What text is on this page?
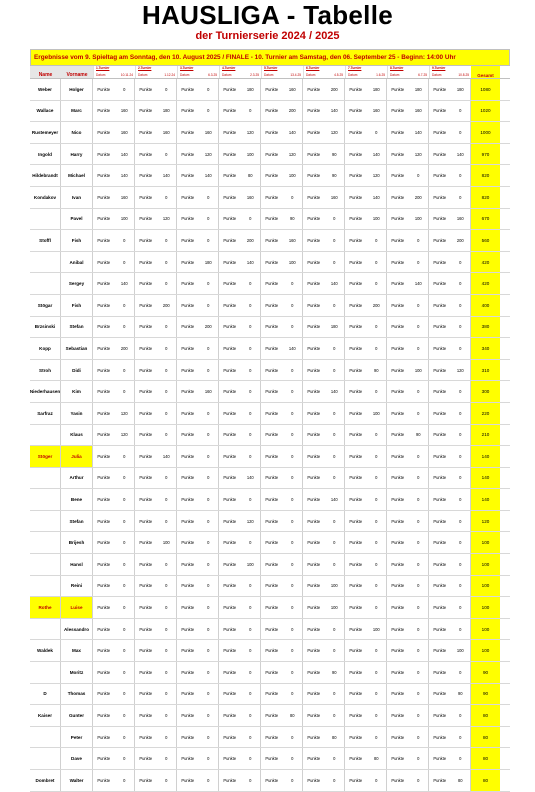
HAUSLIGA - Tabelle
der Turnierserie 2024 / 2025
Ergebnisse vom 9. Spieltag am Sonntag, den 10. August 2025 / FINALE - 10. Turnier am Samstag, den 06. September 25 - Beginn: 14:00 Uhr
Name	Vorname
1.Turnier
Datum	10.11.24
2.Turnier
Datum	1.12.24
3.Turnier
Datum	6.3.25
4.Turnier
Datum	2.3.25
5.Turnier
Datum	13.4.25
6.Turnier
Datum	4.5.25
7.Turnier
Datum	1.6.25
8.Turnier
Datum	6.7.25
9.Turnier
Datum	10.8.25	Gesamt
Weber	Holger	Punkte	0	Punkte	0	Punkte	0	Punkte	180	Punkte	160	Punkte	200	Punkte	180	Punkte	180	Punkte	180	1080
Wallace	Marc	Punkte	160	Punkte	180	Punkte	0	Punkte	0	Punkte	200	Punkte	140	Punkte	160	Punkte	160	Punkte	0	1020
Rustemeyer	Nico	Punkte	160	Punkte	160	Punkte	160	Punkte	120	Punkte	140	Punkte	120	Punkte	0	Punkte	140	Punkte	0	1000
Ingold	Harry	Punkte	140	Punkte	0	Punkte	120	Punkte	100	Punkte	120	Punkte	90	Punkte	140	Punkte	120	Punkte	140	970
Hildebrandt	Michael	Punkte	140	Punkte	140	Punkte	140	Punkte	80	Punkte	100	Punkte	90	Punkte	120	Punkte	0	Punkte	0	820
Kondakov	Ivan	Punkte	160	Punkte	0	Punkte	0	Punkte	160	Punkte	0	Punkte	160	Punkte	140	Punkte	200	Punkte	0	820
Pavel	Punkte	100	Punkte	120	Punkte	0	Punkte	0	Punkte	90	Punkte	0	Punkte	100	Punkte	100	Punkte	160	670
Stoffl	Fish	Punkte	0	Punkte	0	Punkte	0	Punkte	200	Punkte	160	Punkte	0	Punkte	0	Punkte	0	Punkte	200	560
Anibal	Punkte	0	Punkte	0	Punkte	180	Punkte	140	Punkte	100	Punkte	0	Punkte	0	Punkte	0	Punkte	0	420
Sergey	Punkte	140	Punkte	0	Punkte	0	Punkte	0	Punkte	0	Punkte	140	Punkte	0	Punkte	140	Punkte	0	420
Stögar	Fish	Punkte	0	Punkte	200	Punkte	0	Punkte	0	Punkte	0	Punkte	0	Punkte	200	Punkte	0	Punkte	0	400
Brzsinski	Stefan	Punkte	0	Punkte	0	Punkte	200	Punkte	0	Punkte	0	Punkte	180	Punkte	0	Punkte	0	Punkte	0	380
Kopp	Sebastian	Punkte	200	Punkte	0	Punkte	0	Punkte	0	Punkte	140	Punkte	0	Punkte	0	Punkte	0	Punkte	0	340
Stroh	Didi	Punkte	0	Punkte	0	Punkte	0	Punkte	0	Punkte	0	Punkte	0	Punkte	90	Punkte	100	Punkte	120	310
Niederhausen	Kim	Punkte	0	Punkte	0	Punkte	160	Punkte	0	Punkte	0	Punkte	140	Punkte	0	Punkte	0	Punkte	0	300
Sarfraz	Yasin	Punkte	120	Punkte	0	Punkte	0	Punkte	0	Punkte	0	Punkte	0	Punkte	100	Punkte	0	Punkte	0	220
Klaus	Punkte	120	Punkte	0	Punkte	0	Punkte	0	Punkte	0	Punkte	0	Punkte	0	Punkte	90	Punkte	0	210
Stöger	Julia	Punkte	0	Punkte	140	Punkte	0	Punkte	0	Punkte	0	Punkte	0	Punkte	0	Punkte	0	Punkte	0	140
Arthur	Punkte	0	Punkte	0	Punkte	0	Punkte	140	Punkte	0	Punkte	0	Punkte	0	Punkte	0	Punkte	0	140
Bene	Punkte	0	Punkte	0	Punkte	0	Punkte	0	Punkte	0	Punkte	140	Punkte	0	Punkte	0	Punkte	0	140
Stefan	Punkte	0	Punkte	0	Punkte	0	Punkte	120	Punkte	0	Punkte	0	Punkte	0	Punkte	0	Punkte	0	120
Brijesh	Punkte	0	Punkte	100	Punkte	0	Punkte	0	Punkte	0	Punkte	0	Punkte	0	Punkte	0	Punkte	0	100
Hansl	Punkte	0	Punkte	0	Punkte	0	Punkte	100	Punkte	0	Punkte	0	Punkte	0	Punkte	0	Punkte	0	100
Reini	Punkte	0	Punkte	0	Punkte	0	Punkte	0	Punkte	0	Punkte	100	Punkte	0	Punkte	0	Punkte	0	100
Rothe	Luise	Punkte	0	Punkte	0	Punkte	0	Punkte	0	Punkte	0	Punkte	100	Punkte	0	Punkte	0	Punkte	0	100
Alessandro	Punkte	0	Punkte	0	Punkte	0	Punkte	0	Punkte	0	Punkte	0	Punkte	100	Punkte	0	Punkte	0	100
Waldek	Max	Punkte	0	Punkte	0	Punkte	0	Punkte	0	Punkte	0	Punkte	0	Punkte	0	Punkte	0	Punkte	100	100
Moritz	Punkte	0	Punkte	0	Punkte	0	Punkte	0	Punkte	0	Punkte	90	Punkte	0	Punkte	0	Punkte	0	90
D	Thomas	Punkte	0	Punkte	0	Punkte	0	Punkte	0	Punkte	0	Punkte	0	Punkte	0	Punkte	0	Punkte	90	90
Kaiser	Gunter	Punkte	0	Punkte	0	Punkte	0	Punkte	0	Punkte	80	Punkte	0	Punkte	0	Punkte	0	Punkte	0	80
Peter	Punkte	0	Punkte	0	Punkte	0	Punkte	0	Punkte	0	Punkte	80	Punkte	0	Punkte	0	Punkte	0	80
Dave	Punkte	0	Punkte	0	Punkte	0	Punkte	0	Punkte	0	Punkte	0	Punkte	80	Punkte	0	Punkte	0	80
Dombret	Walter	Punkte	0	Punkte	0	Punkte	0	Punkte	0	Punkte	0	Punkte	0	Punkte	0	Punkte	0	Punkte	80	80
